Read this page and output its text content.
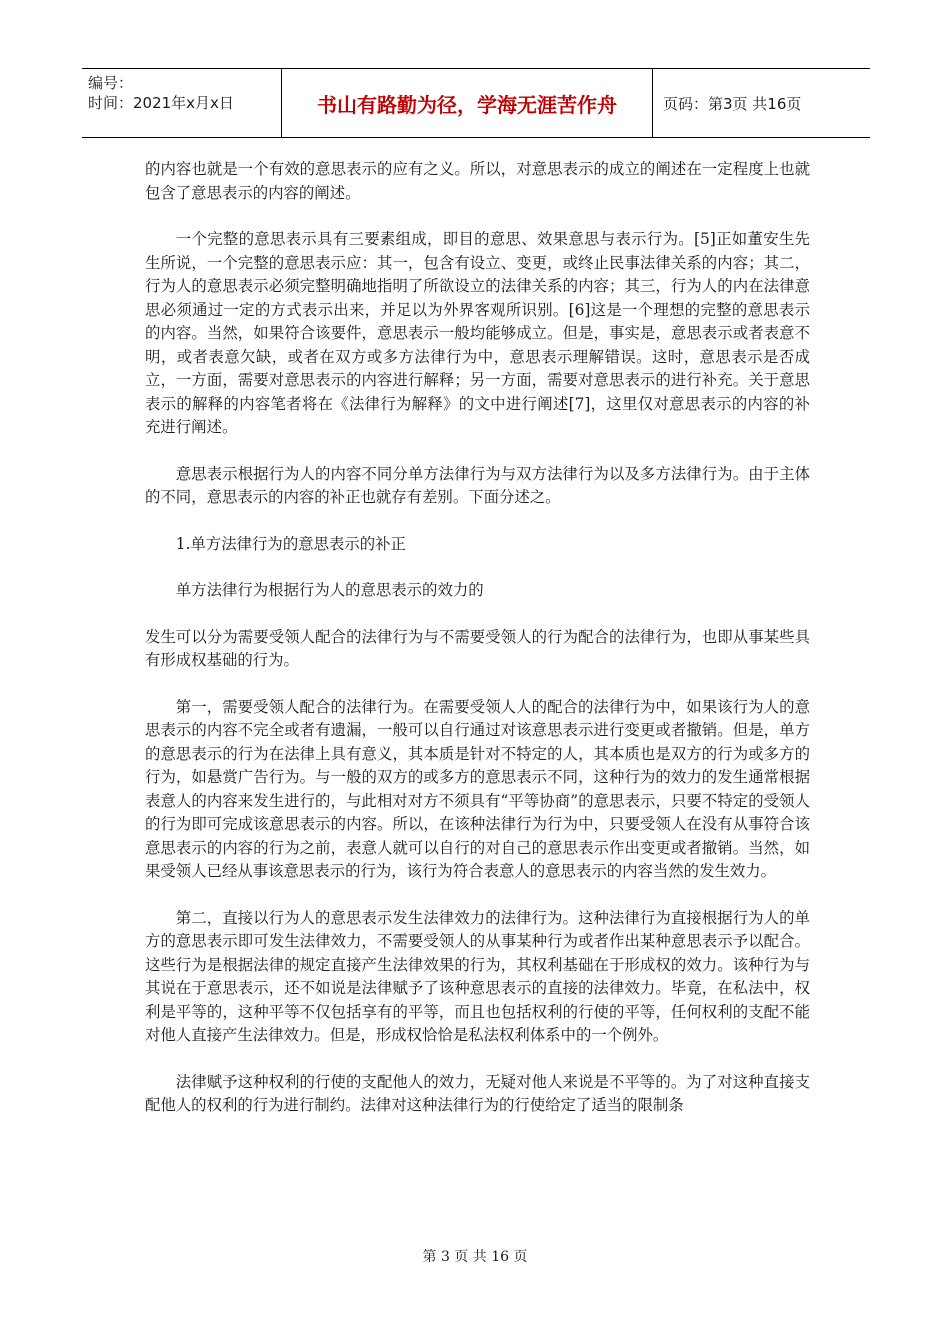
编号：
时间：2021年x月x日	书山有路勤为径，学海无涯苦作舟	页码：第3页 共16页

的内容也就是一个有效的意思表示的应有之义。所以，对意思表示的成立的阐述在一定程度上也就包含了意思表示的内容的阐述。

一个完整的意思表示具有三要素组成，即目的意思、效果意思与表示行为。[5]正如董安生先生所说，一个完整的意思表示应：其一，包含有设立、变更，或终止民事法律关系的内容；其二，行为人的意思表示必须完整明确地指明了所欲设立的法律关系的内容；其三，行为人的内在法律意思必须通过一定的方式表示出来，并足以为外界客观所识别。[6]这是一个理想的完整的意思表示的内容。当然，如果符合该要件，意思表示一般均能够成立。但是，事实是，意思表示或者表意不明，或者表意欠缺，或者在双方或多方法律行为中，意思表示理解错误。这时，意思表示是否成立，一方面，需要对意思表示的内容进行解释；另一方面，需要对意思表示的进行补充。关于意思表示的解释的内容笔者将在《法律行为解释》的文中进行阐述[7]，这里仅对意思表示的内容的补充进行阐述。

意思表示根据行为人的内容不同分单方法律行为与双方法律行为以及多方法律行为。由于主体的不同，意思表示的内容的补正也就存有差别。下面分述之。

1.单方法律行为的意思表示的补正

单方法律行为根据行为人的意思表示的效力的

发生可以分为需要受领人配合的法律行为与不需要受领人的行为配合的法律行为，也即从事某些具有形成权基础的行为。

第一，需要受领人配合的法律行为。在需要受领人人的配合的法律行为中，如果该行为人的意思表示的内容不完全或者有遗漏，一般可以自行通过对该意思表示进行变更或者撤销。但是，单方的意思表示的行为在法律上具有意义，其本质是针对不特定的人，其本质也是双方的行为或多方的行为，如悬赏广告行为。与一般的双方的或多方的意思表示不同，这种行为的效力的发生通常根据表意人的内容来发生进行的，与此相对对方不须具有“平等协商”的意思表示，只要不特定的受领人的行为即可完成该意思表示的内容。所以，在该种法律行为行为中，只要受领人在没有从事符合该意思表示的内容的行为之前，表意人就可以自行的对自己的意思表示作出变更或者撤销。当然，如果受领人已经从事该意思表示的行为，该行为符合表意人的意思表示的内容当然的发生效力。

第二，直接以行为人的意思表示发生法律效力的法律行为。这种法律行为直接根据行为人的单方的意思表示即可发生法律效力，不需要受领人的从事某种行为或者作出某种意思表示予以配合。这些行为是根据法律的规定直接产生法律效果的行为，其权利基础在于形成权的效力。该种行为与其说在于意思表示，还不如说是法律赋予了该种意思表示的直接的法律效力。毕竟，在私法中，权利是平等的，这种平等不仅包括享有的平等，而且也包括权利的行使的平等，任何权利的支配不能对他人直接产生法律效力。但是，形成权恰恰是私法权利体系中的一个例外。

法律赋予这种权利的行使的支配他人的效力，无疑对他人来说是不平等的。为了对这种直接支配他人的权利的行为进行制约。法律对这种法律行为的行使给定了适当的限制条

第 3 页 共 16 页
